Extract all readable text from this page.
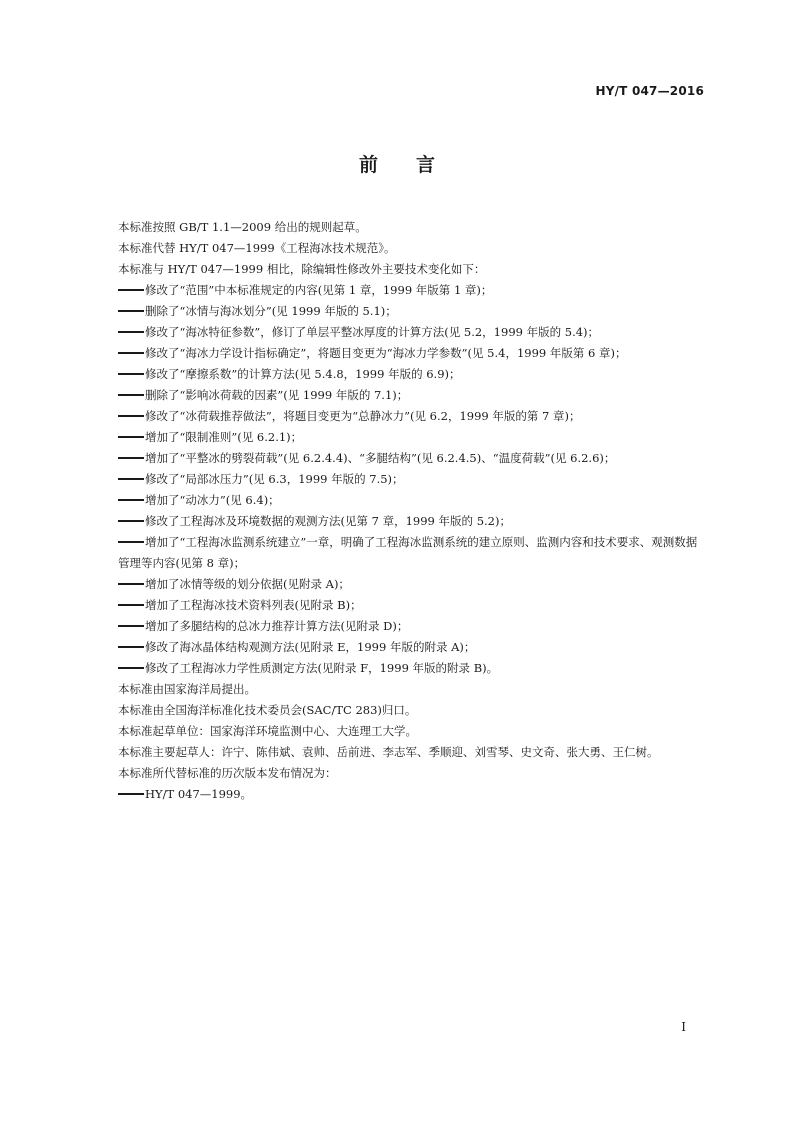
HY/T 047—2016
前言

本标准按照 GB/T 1.1—2009 给出的规则起草。

本标准代替 HY/T 047—1999《工程海冰技术规范》。

本标准与 HY/T 047—1999 相比，除编辑性修改外主要技术变化如下：

修改了“范围”中本标准规定的内容(见第 1 章，1999 年版第 1 章)；

删除了“冰情与海冰划分”(见 1999 年版的 5.1)；

修改了“海冰特征参数”，修订了单层平整冰厚度的计算方法(见 5.2，1999 年版的 5.4)；

修改了“海冰力学设计指标确定”，将题目变更为“海冰力学参数”(见 5.4，1999 年版第 6 章)；

修改了“摩擦系数”的计算方法(见 5.4.8，1999 年版的 6.9)；

删除了“影响冰荷载的因素”(见 1999 年版的 7.1)；

修改了“冰荷载推荐做法”，将题目变更为“总静冰力”(见 6.2，1999 年版的第 7 章)；

增加了“限制准则”(见 6.2.1)；

增加了“平整冰的劈裂荷载”(见 6.2.4.4)、“多腿结构”(见 6.2.4.5)、“温度荷载”(见 6.2.6)；

修改了“局部冰压力”(见 6.3，1999 年版的 7.5)；

增加了“动冰力”(见 6.4)；

修改了工程海冰及环境数据的观测方法(见第 7 章，1999 年版的 5.2)；

增加了“工程海冰监测系统建立”一章，明确了工程海冰监测系统的建立原则、监测内容和技术要求、观测数据管理等内容(见第 8 章)；

增加了冰情等级的划分依据(见附录 A)；

增加了工程海冰技术资料列表(见附录 B)；

增加了多腿结构的总冰力推荐计算方法(见附录 D)；

修改了海冰晶体结构观测方法(见附录 E，1999 年版的附录 A)；

修改了工程海冰力学性质测定方法(见附录 F，1999 年版的附录 B)。

本标准由国家海洋局提出。

本标准由全国海洋标准化技术委员会(SAC/TC 283)归口。

本标准起草单位：国家海洋环境监测中心、大连理工大学。

本标准主要起草人：许宁、陈伟斌、袁帅、岳前进、李志军、季顺迎、刘雪琴、史文奇、张大勇、王仁树。

本标准所代替标准的历次版本发布情况为：

HY/T 047—1999。

I
